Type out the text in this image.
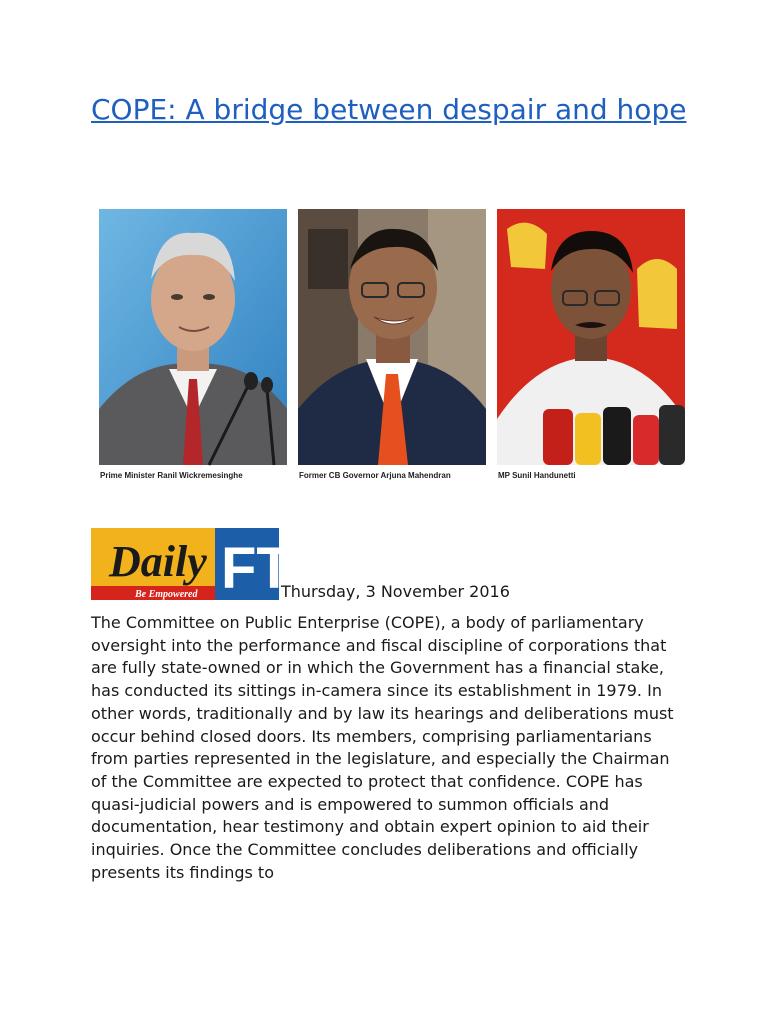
COPE: A bridge between despair and hope
Prime Minister Ranil Wickremesinghe	Former CB Governor Arjuna Mahendran	MP Sunil Handunetti
Daily FT
Be Empowered	Thursday, 3 November 2016

The Committee on Public Enterprise (COPE), a body of parliamentary oversight into the performance and fiscal discipline of corporations that are fully state-owned or in which the Government has a financial stake, has conducted its sittings in-camera since its establishment in 1979. In other words, traditionally and by law its hearings and deliberations must occur behind closed doors. Its members, comprising parliamentarians from parties represented in the legislature, and especially the Chairman of the Committee are expected to protect that confidence. COPE has quasi-judicial powers and is empowered to summon officials and documentation, hear testimony and obtain expert opinion to aid their inquiries. Once the Committee concludes deliberations and officially presents its findings to
